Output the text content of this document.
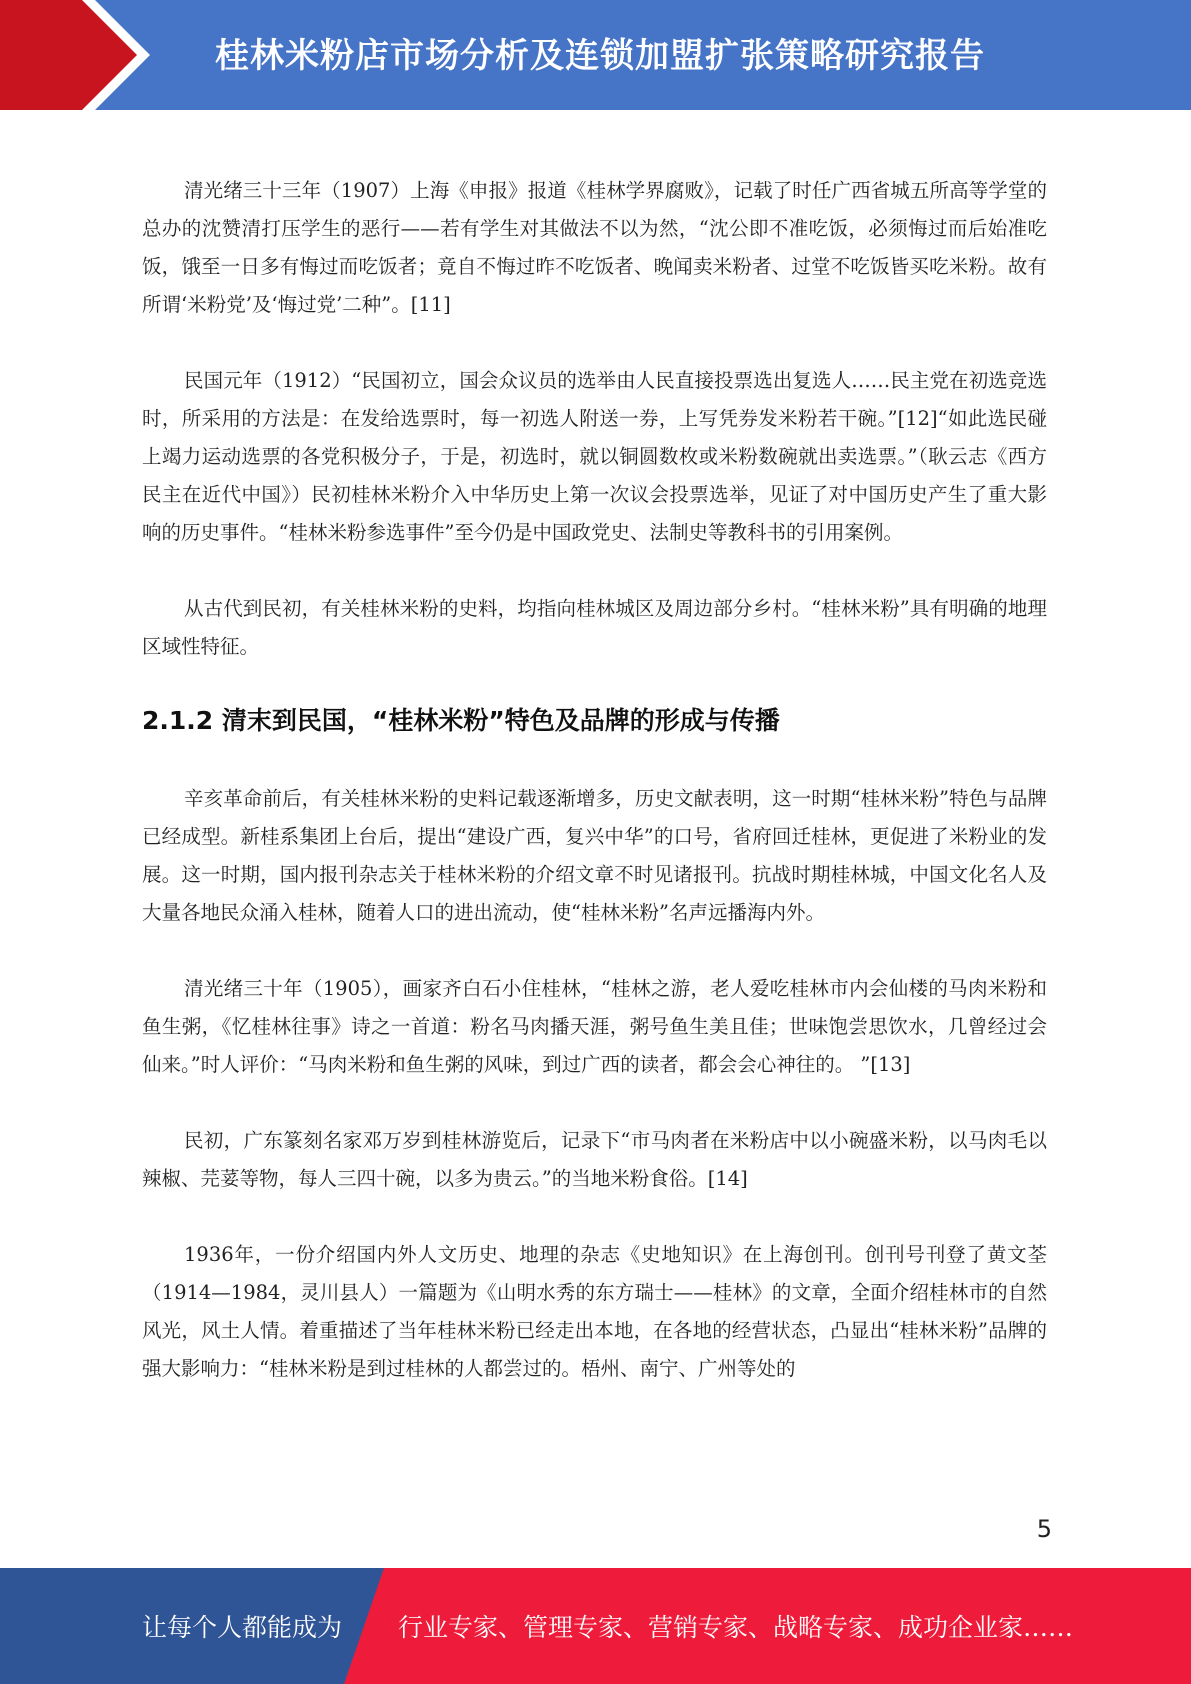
桂林米粉店市场分析及连锁加盟扩张策略研究报告

清光绪三十三年（1907）上海《申报》报道《桂林学界腐败》，记载了时任广西省城五所高等学堂的总办的沈赞清打压学生的恶行——若有学生对其做法不以为然，“沈公即不准吃饭，必须悔过而后始准吃饭，饿至一日多有悔过而吃饭者；竟自不悔过昨不吃饭者、晚闻卖米粉者、过堂不吃饭皆买吃米粉。故有所谓‘米粉党’及‘悔过党’二种”。[11]

民国元年（1912）“民国初立，国会众议员的选举由人民直接投票选出复选人……民主党在初选竞选时，所采用的方法是：在发给选票时，每一初选人附送一券，上写凭券发米粉若干碗。”[12]“如此选民碰上竭力运动选票的各党积极分子，于是，初选时，就以铜圆数枚或米粉数碗就出卖选票。”（耿云志《西方民主在近代中国》）民初桂林米粉介入中华历史上第一次议会投票选举，见证了对中国历史产生了重大影响的历史事件。“桂林米粉参选事件”至今仍是中国政党史、法制史等教科书的引用案例。

从古代到民初，有关桂林米粉的史料，均指向桂林城区及周边部分乡村。“桂林米粉”具有明确的地理区域性特征。

2.1.2 清末到民国，“桂林米粉”特色及品牌的形成与传播

辛亥革命前后，有关桂林米粉的史料记载逐渐增多，历史文献表明，这一时期“桂林米粉”特色与品牌已经成型。新桂系集团上台后，提出“建设广西，复兴中华”的口号，省府回迁桂林，更促进了米粉业的发展。这一时期，国内报刊杂志关于桂林米粉的介绍文章不时见诸报刊。抗战时期桂林城，中国文化名人及大量各地民众涌入桂林，随着人口的进出流动，使“桂林米粉”名声远播海内外。

清光绪三十年（1905），画家齐白石小住桂林，“桂林之游，老人爱吃桂林市内会仙楼的马肉米粉和鱼生粥，《忆桂林往事》诗之一首道：粉名马肉播天涯，粥号鱼生美且佳；世味饱尝思饮水，几曾经过会仙来。”时人评价：“马肉米粉和鱼生粥的风味，到过广西的读者，都会会心神往的。 ”[13]

民初，广东篆刻名家邓万岁到桂林游览后，记录下“市马肉者在米粉店中以小碗盛米粉，以马肉毛以辣椒、芫荽等物，每人三四十碗，以多为贵云。”的当地米粉食俗。[14]

1936年，一份介绍国内外人文历史、地理的杂志《史地知识》在上海创刊。创刊号刊登了黄文荃（1914—1984，灵川县人）一篇题为《山明水秀的东方瑞士——桂林》的文章，全面介绍桂林市的自然风光，风土人情。着重描述了当年桂林米粉已经走出本地，在各地的经营状态，凸显出“桂林米粉”品牌的强大影响力：“桂林米粉是到过桂林的人都尝过的。梧州、南宁、广州等处的

5
让每个人都能成为 行业专家、管理专家、营销专家、战略专家、成功企业家……
